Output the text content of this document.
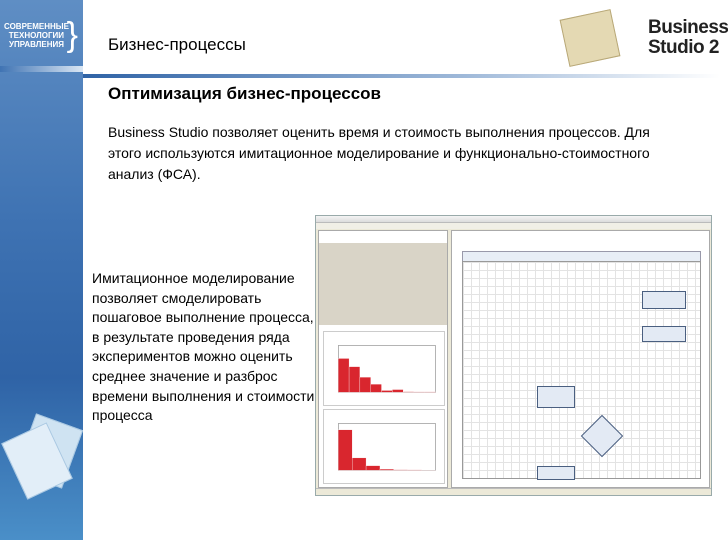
СОВРЕМЕННЫЕ
ТЕХНОЛОГИИ
УПРАВЛЕНИЯ } Бизнес-процессы
Business
Studio 2
Оптимизация бизнес-процессов
Business Studio позволяет оценить время и стоимость выполнения процессов. Для этого используются имитационное моделирование и функционально-стоимостного анализ (ФСА).
Имитационное моделирование позволяет смоделировать пошаговое выполнение процесса, в результате проведения ряда экспериментов можно оценить среднее значение и разброс времени выполнения и стоимости процесса
